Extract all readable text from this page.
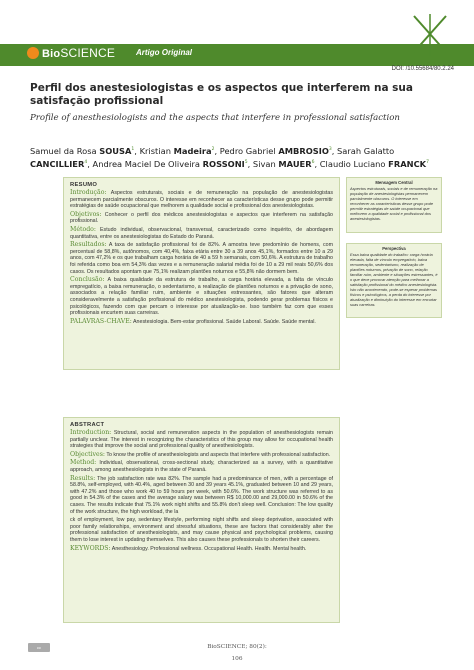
BioSCIENCE	Artigo Original
DOI: /10.55684/80.2.24
Perfil dos anestesiologistas e os aspectos que interferem na sua satisfação profissional
Profile of anesthesiologists and the aspects that interfere in professional satisfaction
Samuel da Rosa SOUSA$^1$, Kristian Madeira$^2$, Pedro Gabriel AMBROSIO$^3$, Sarah Galatto CANCILLIER$^4$, Andrea Maciel De Oliveira ROSSONI$^5$, Sivan MAUER$^6$, Claudio Luciano FRANCK$^7$
RESUMO

Introdução: Aspectos estruturais, sociais e de remuneração na população de anestesiologistas permanecem parcialmente obscuros. O interesse em reconhecer as características desse grupo pode permitir estratégias de saúde ocupacional que melhorem a qualidade social e profissional dos anestesiologistas.

Objetivos: Conhecer o perfil dos médicos anestesiologistas e aspectos que interferem na satisfação profissional.

Método: Estudo individual, observacional, transversal, caracterizado como inquérito, de abordagem quantitativa, entre os anestesiologistas do Estado do Paraná.

Resultados: A taxa de satisfação profissional foi de 82%. A amostra teve predomínio de homens, com percentual de 58,8%, autônomos, com 40,4%, faixa etária entre 30 a 39 anos 45,1%, formados entre 10 a 29 anos, com 47,2% e os que trabalham carga horária de 40 a 59 h semanais, com 50,6%. A estrutura de trabalho foi referida como boa em 54,3% das vezes e a remuneração salarial média foi de 10 a 29 mil reais 50,6% dos casos. Os resultados apontam que 75,1% realizam plantões noturnos e 55,8% não dormem bem.

Conclusão: A baixa qualidade da estrutura de trabalho, a carga horária elevada, a falta de vínculo empregatício, a baixa remuneração, o sedentarismo, a realização de plantões noturnos e a privação de sono, associados a relação familiar ruim, ambiente e situações estressantes, são fatores que alteram consideravelmente a satisfação profissional do médico anestesiologista, podendo gerar problemas físicos e psicológicos, fazendo com que percam o interesse por atualização-se. Isso também faz com que esses profissionais encurtem suas carreiras.

PALAVRAS-CHAVE: Anestesiologia. Bem-estar profissional. Saúde Laboral. Saúde. Saúde mental.

Mensagem Central
Aspectos estruturais, sociais e de remuneração na população de anestesiologistas permanecem parcialmente obscuros. O interesse em reconhecer as características desse grupo pode permitir estratégias de saúde ocupacional que melhorem a qualidade social e profissional dos anestesiologistas.
Perspectiva
Essa baixa qualidade do trabalho: carga horária elevada, falta de vínculo empregatício, baixa remuneração, sedentarismo, realização de plantões noturnos, privação de sono, relação familiar ruim, ambiente e situações estressantes, é o que deve provocar atenção para melhorar a satisfação profissional do médico anestesiologista. Isto não acontecendo, pode-se esperar problemas físicos e psicológicos, a perda do interesse por atualização e diminuição do interesse em encurtar suas carreiras.
ABSTRACT

Introduction: Structural, social and remuneration aspects in the population of anesthesiologists remain partially unclear. The interest in recognizing the characteristics of this group may allow for occupational health strategies that improve the social and professional quality of anesthesiologists.

Objectives: To know the profile of anesthesiologists and aspects that interfere with professional satisfaction.

Method: Individual, observational, cross-sectional study, characterized as a survey, with a quantitative approach, among anesthesiologists in the state of Paraná.

Results: The job satisfaction rate was 82%. The sample had a predominance of men, with a percentage of 58.8%, self-employed, with 40.4%, aged between 30 and 39 years 45.1%, graduated between 10 and 29 years, with 47.2% and those who work 40 to 59 hours per week, with 50.6%. The work structure was referred to as good in 54.3% of the cases and the average salary was between R$ 10,000.00 and 29,000.00 in 50.6% of the cases. The results indicate that 75.1% work night shifts and 55.8% don't sleep well. Conclusion: The low quality of the work structure, the high workload, the la

ck of employment, low pay, sedentary lifestyle, performing night shifts and sleep deprivation, associated with poor family relationships, environment and stressful situations, these are factors that considerably alter the professional satisfaction of anesthesiologists, and may cause physical and psychological problems, causing them to lose interest in updating themselves. This also causes these professionals to shorten their careers.

KEYWORDS: Anesthesiology. Professional wellness. Occupational Health. Health. Mental health.

cc	BioSCIENCE; 80(2):
106
